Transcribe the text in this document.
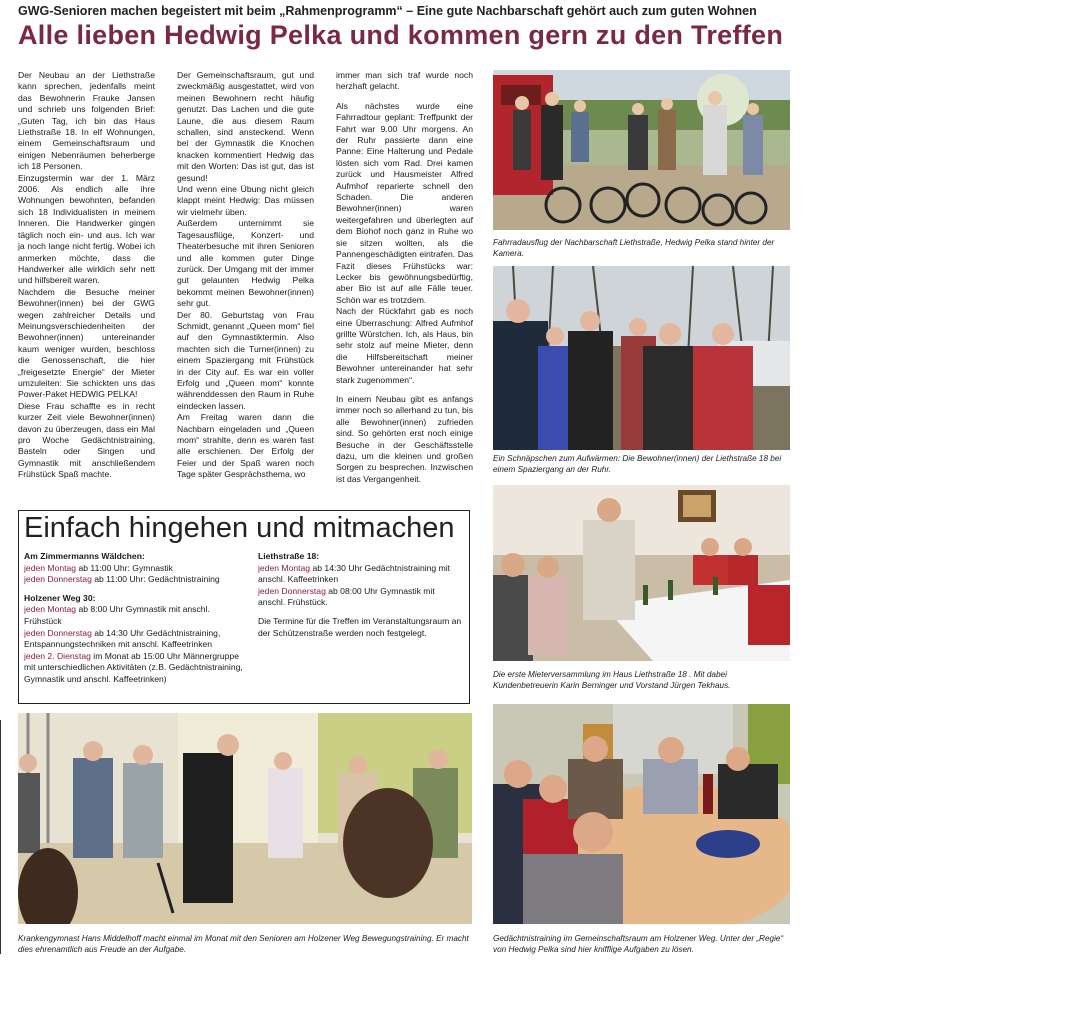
GWG-Senioren machen begeistert mit beim „Rahmenprogramm“ – Eine gute Nachbarschaft gehört auch zum guten Wohnen
Alle lieben Hedwig Pelka und kommen gern zu den Treffen

Der Neubau an der Liethstraße kann sprechen, jedenfalls meint das Bewohnerin Frauke Jansen und schrieb uns folgenden Brief: „Guten Tag, ich bin das Haus Liethstraße 18. In elf Wohnungen, einem Gemeinschaftsraum und einigen Nebenräumen beherberge ich 18 Personen.

Einzugstermin war der 1. März 2006. Als endlich alle ihre Wohnungen bewohnten, befanden sich 18 Individualisten in meinem Inneren. Die Handwerker gingen täglich noch ein- und aus. Ich war ja noch lange nicht fertig. Wobei ich anmerken möchte, dass die Handwerker alle wirklich sehr nett und hilfsbereit waren.

Nachdem die Besuche meiner Bewohner(innen) bei der GWG wegen zahlreicher Details und Meinungsverschiedenheiten der Bewohner(innen) untereinander kaum weniger wurden, beschloss die Genossenschaft, die hier „freigesetzte Energie“ der Mieter umzuleiten: Sie schickten uns das Power-Paket HEDWIG PELKA!

Diese Frau schaffte es in recht kurzer Zeit viele Bewohner(innen) davon zu überzeugen, dass ein Mal pro Woche Gedächtnistraining, Basteln oder Singen und Gymnastik mit anschließendem Frühstück Spaß machte.

Der Gemeinschaftsraum, gut und zweckmäßig ausgestattet, wird von meinen Bewohnern recht häufig genutzt. Das Lachen und die gute Laune, die aus diesem Raum schallen, sind ansteckend. Wenn bei der Gymnastik die Knochen knacken kommentiert Hedwig das mit den Worten: Das ist gut, das ist gesund!

Und wenn eine Übung nicht gleich klappt meint Hedwig: Das müssen wir vielmehr üben.

Außerdem unternimmt sie Tagesausflüge, Konzert- und Theaterbesuche mit ihren Senioren und alle kommen guter Dinge zurück. Der Umgang mit der immer gut gelaunten Hedwig Pelka bekommt meinen Bewohner(innen) sehr gut.

Der 80. Geburtstag von Frau Schmidt, genannt „Queen mom“ fiel auf den Gymnastiktermin. Also machten sich die Turner(innen) zu einem Spaziergang mit Frühstück in der City auf. Es war ein voller Erfolg und „Queen mom“ konnte währenddessen den Raum in Ruhe eindecken lassen.

Am Freitag waren dann die Nachbarn eingeladen und „Queen mom“ strahlte, denn es waren fast alle erschienen. Der Erfolg der Feier und der Spaß waren noch Tage später Gesprächsthema, wo

immer man sich traf wurde noch herzhaft gelacht.

Als nächstes wurde eine Fahrradtour geplant: Treffpunkt der Fahrt war 9.00 Uhr morgens. An der Ruhr passierte dann eine Panne: Eine Halterung und Pedale lösten sich vom Rad. Drei kamen zurück und Hausmeister Alfred Aufmhof reparierte schnell den Schaden. Die anderen Bewohner(innen) waren weitergefahren und überlegten auf dem Biohof noch ganz in Ruhe wo sie sitzen wollten, als die Pannengeschädigten eintrafen. Das Fazit dieses Frühstücks war: Lecker bis gewöhnungsbedürftig, aber Bio ist auf alle Fälle teuer. Schön war es trotzdem.

Nach der Rückfahrt gab es noch eine Überraschung: Alfred Aufmhof grillte Würstchen. Ich, als Haus, bin sehr stolz auf meine Mieter, denn die Hilfsbereitschaft meiner Bewohner untereinander hat sehr stark zugenommen“.

In einem Neubau gibt es anfangs immer noch so allerhand zu tun, bis alle Bewohner(innen) zufrieden sind. So gehörten erst noch einige Besuche in der Geschäftsstelle dazu, um die kleinen und großen Sorgen zu besprechen. Inzwischen ist das Vergangenheit.

Einfach hingehen und mitmachen
Am Zimmermanns Wäldchen:
jeden Montag ab 11:00 Uhr: Gymnastik
jeden Donnerstag ab 11:00 Uhr: Gedächtnistraining
Holzener Weg 30:
jeden Montag ab 8:00 Uhr Gymnastik mit anschl. Frühstück
jeden Donnerstag ab 14:30 Uhr Gedächtnistraining, Entspannungstechniken mit anschl. Kaffeetrinken
jeden 2. Dienstag im Monat ab 15:00 Uhr Männergruppe mit unterschiedlichen Aktivitäten (z.B. Gedächtnistraining, Gymnastik und anschl. Kaffeetrinken)
Liethstraße 18:
jeden Montag ab 14:30 Uhr Gedächtnistraining mit anschl. Kaffeetrinken
jeden Donnerstag ab 08:00 Uhr Gymnastik mit anschl. Frühstück.
Die Termine für die Treffen im Veranstaltungsraum an der Schützenstraße werden noch festgelegt.
Fahrradausflug der Nachbarschaft Liethstraße, Hedwig Pelka stand hinter der Kamera.
Ein Schnäpschen zum Aufwärmen: Die Bewohner(innen) der Liethstraße 18 bei einem Spaziergang an der Ruhr.
Die erste Mieterversammlung im Haus Liethstraße 18 . Mit dabei Kundenbetreuerin Karin Berninger und Vorstand Jürgen Tekhaus.
Krankengymnast Hans Middelhoff macht einmal im Monat mit den Senioren am Holzener Weg Bewegungstraining. Er macht dies ehrenamtlich aus Freude an der Aufgabe.
Gedächtnistraining im Gemeinschaftsraum am Holzener Weg. Unter der „Regie“ von Hedwig Pelka sind hier knifflige Aufgaben zu lösen.
